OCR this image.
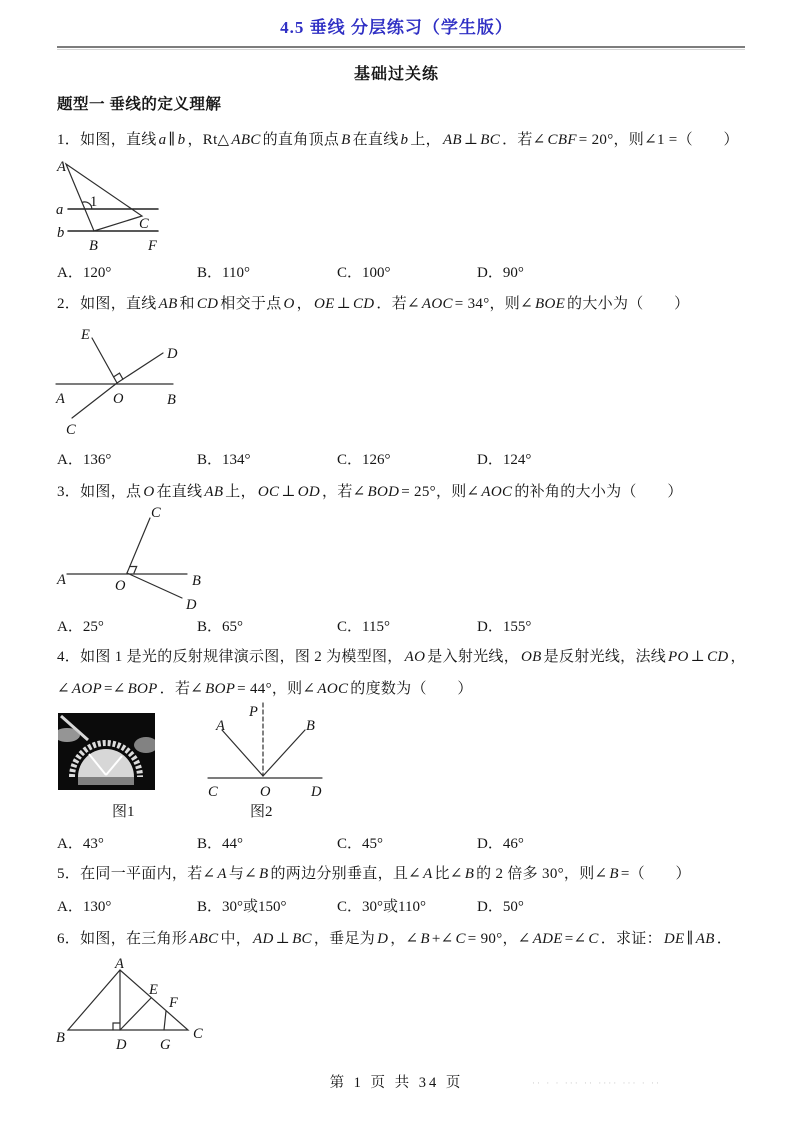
4.5 垂线 分层练习（学生版）
基础过关练
题型一 垂线的定义理解
1．如图，直线 a ∥ b ，Rt△ ABC 的直角顶点 B 在直线 b 上， AB ⊥ BC ．若∠ CBF = 20°，则∠1 =（　　）
A
a
b
1
C
B	F
A．120°	B．110°	C．100°	D．90°
2．如图，直线 AB 和 CD 相交于点 O ， OE ⊥ CD ．若∠ AOC = 34°，则∠ BOE 的大小为（　　）
E
D
A	O	B
C
A．136°	B．134°	C．126°	D．124°
3．如图，点 O 在直线 AB 上， OC ⊥ OD ，若∠ BOD = 25°，则∠ AOC 的补角的大小为（　　）
C
A	O	B
D
A．25°	B．65°	C．115°	D．155°
4．如图 1 是光的反射规律演示图，图 2 为模型图， AO 是入射光线， OB 是反射光线，法线 PO ⊥ CD ，
∠ AOP =∠ BOP ．若∠ BOP = 44°，则∠ AOC 的度数为（　　）
P
A	B
C	O	D
图1	图2
A．43°	B．44°	C．45°	D．46°
5．在同一平面内，若∠ A 与∠ B 的两边分别垂直，且∠ A 比∠ B 的 2 倍多 30°，则∠ B =（　　）
A．130°	B．30°或150°	C．30°或110°	D．50°
6．如图，在三角形 ABC 中， AD ⊥ BC ，垂足为 D ，∠ B +∠ C = 90°，∠ ADE =∠ C ．求证： DE ∥ AB ．
A
B	C
D
E
F
G
第 1 页 共 34 页	·· · · ··· ·· ···· ··· · ··
